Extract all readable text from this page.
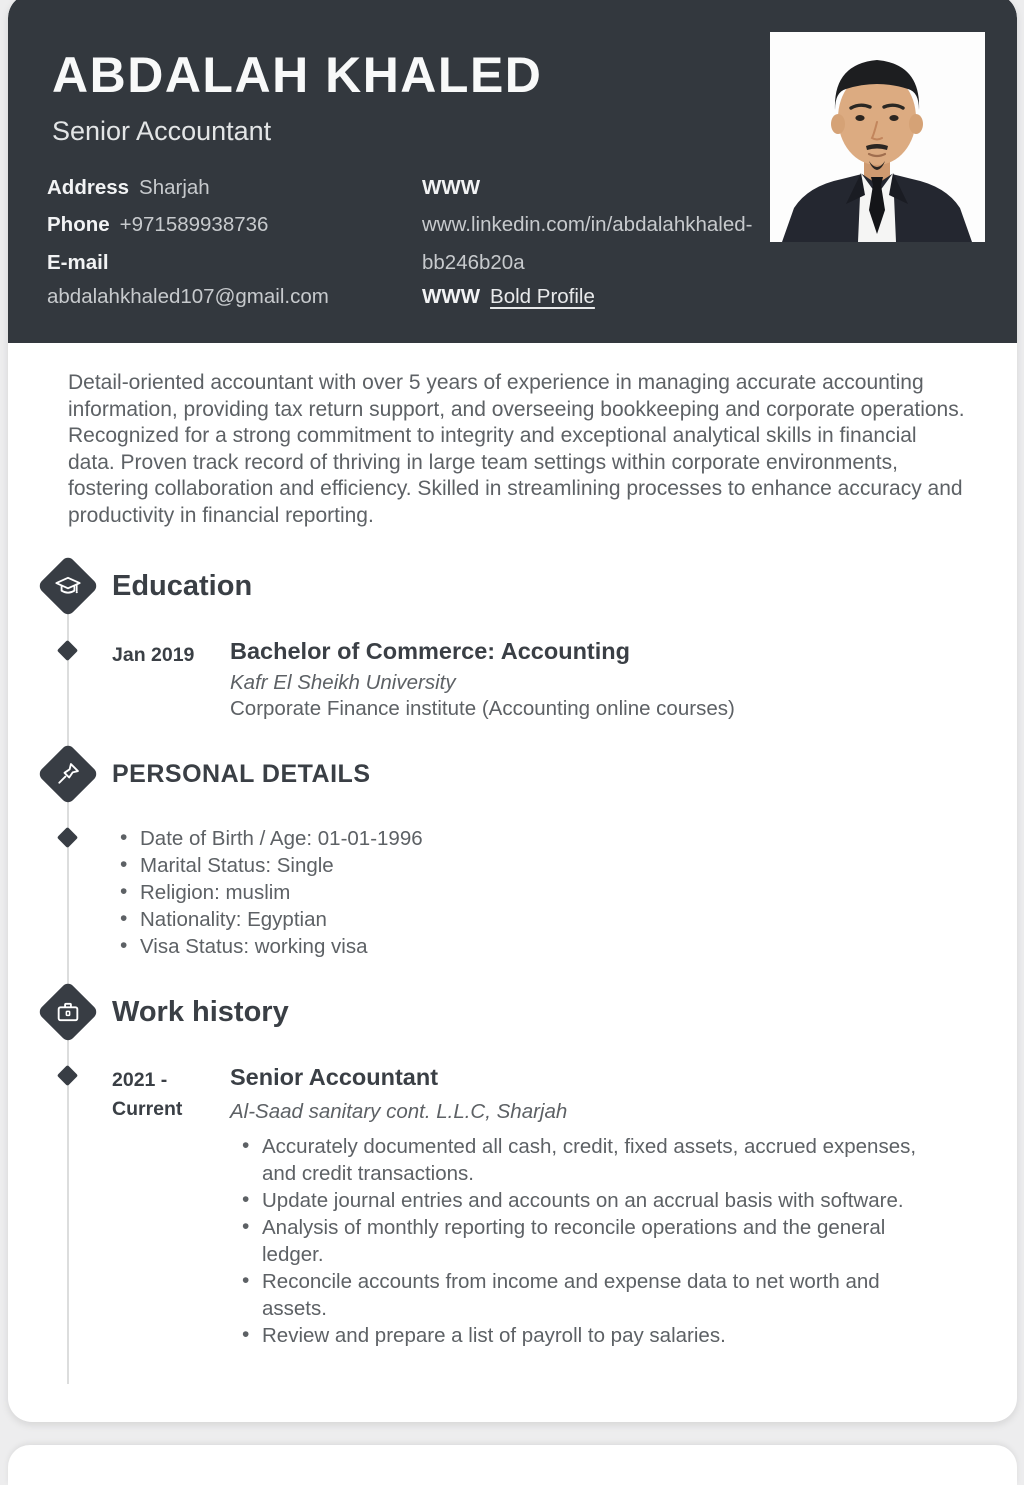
ABDALAH KHALED
Senior Accountant
Address Sharjah
Phone +971589938736
E-mail
abdalahkhaled107@gmail.com
WWW
www.linkedin.com/in/abdalahkhaled-
bb246b20a
WWW Bold Profile
Detail-oriented accountant with over 5 years of experience in managing accurate accounting information, providing tax return support, and overseeing bookkeeping and corporate operations. Recognized for a strong commitment to integrity and exceptional analytical skills in financial data. Proven track record of thriving in large team settings within corporate environments, fostering collaboration and efficiency. Skilled in streamlining processes to enhance accuracy and productivity in financial reporting.
Education
Jan 2019 Bachelor of Commerce: Accounting
Kafr El Sheikh University
Corporate Finance institute (Accounting online courses)
PERSONAL DETAILS
• Date of Birth / Age: 01-01-1996
• Marital Status: Single
• Religion: muslim
• Nationality: Egyptian
• Visa Status: working visa
Work history
2021 -
Current
Senior Accountant
Al-Saad sanitary cont. L.L.C, Sharjah
• Accurately documented all cash, credit, fixed assets, accrued expenses, and credit transactions.
• Update journal entries and accounts on an accrual basis with software.
• Analysis of monthly reporting to reconcile operations and the general ledger.
• Reconcile accounts from income and expense data to net worth and assets.
• Review and prepare a list of payroll to pay salaries.
